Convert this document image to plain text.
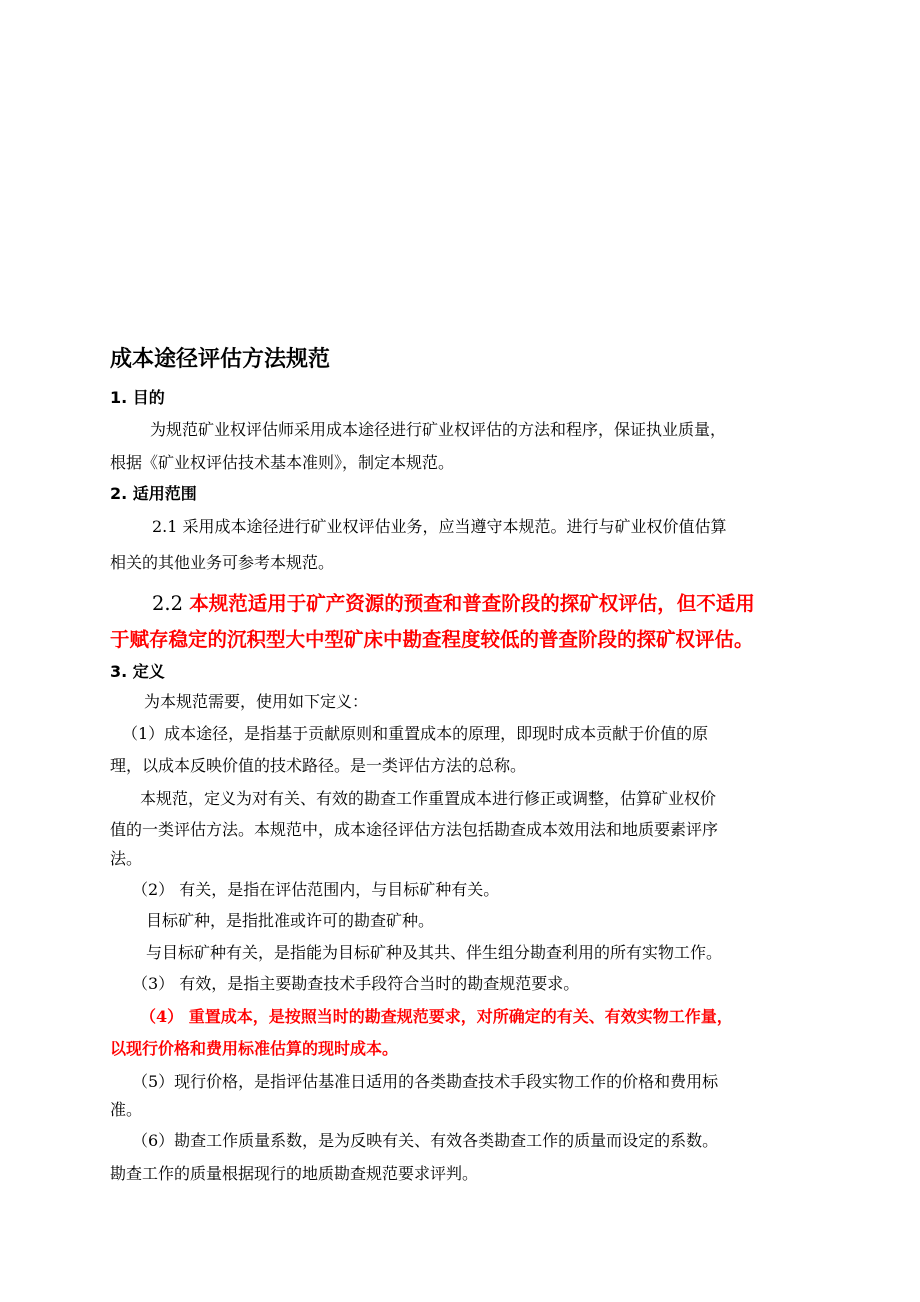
成本途径评估方法规范
1. 目的
为规范矿业权评估师采用成本途径进行矿业权评估的方法和程序，保证执业质量，
根据《矿业权评估技术基本准则》，制定本规范。
2. 适用范围
2.1 采用成本途径进行矿业权评估业务，应当遵守本规范。进行与矿业权价值估算
相关的其他业务可参考本规范。
2.2 本规范适用于矿产资源的预查和普查阶段的探矿权评估，但不适用
于赋存稳定的沉积型大中型矿床中勘查程度较低的普查阶段的探矿权评估。
3. 定义
为本规范需要，使用如下定义：
（1）成本途径，是指基于贡献原则和重置成本的原理，即现时成本贡献于价值的原
理，以成本反映价值的技术路径。是一类评估方法的总称。
本规范，定义为对有关、有效的勘查工作重置成本进行修正或调整，估算矿业权价
值的一类评估方法。本规范中，成本途径评估方法包括勘查成本效用法和地质要素评序
法。
（2） 有关，是指在评估范围内，与目标矿种有关。
目标矿种，是指批准或许可的勘查矿种。
与目标矿种有关，是指能为目标矿种及其共、伴生组分勘查利用的所有实物工作。
（3） 有效，是指主要勘查技术手段符合当时的勘查规范要求。
（4） 重置成本，是按照当时的勘查规范要求，对所确定的有关、有效实物工作量，
以现行价格和费用标准估算的现时成本。
（5）现行价格，是指评估基准日适用的各类勘查技术手段实物工作的价格和费用标
准。
（6）勘查工作质量系数，是为反映有关、有效各类勘查工作的质量而设定的系数。
勘查工作的质量根据现行的地质勘查规范要求评判。
